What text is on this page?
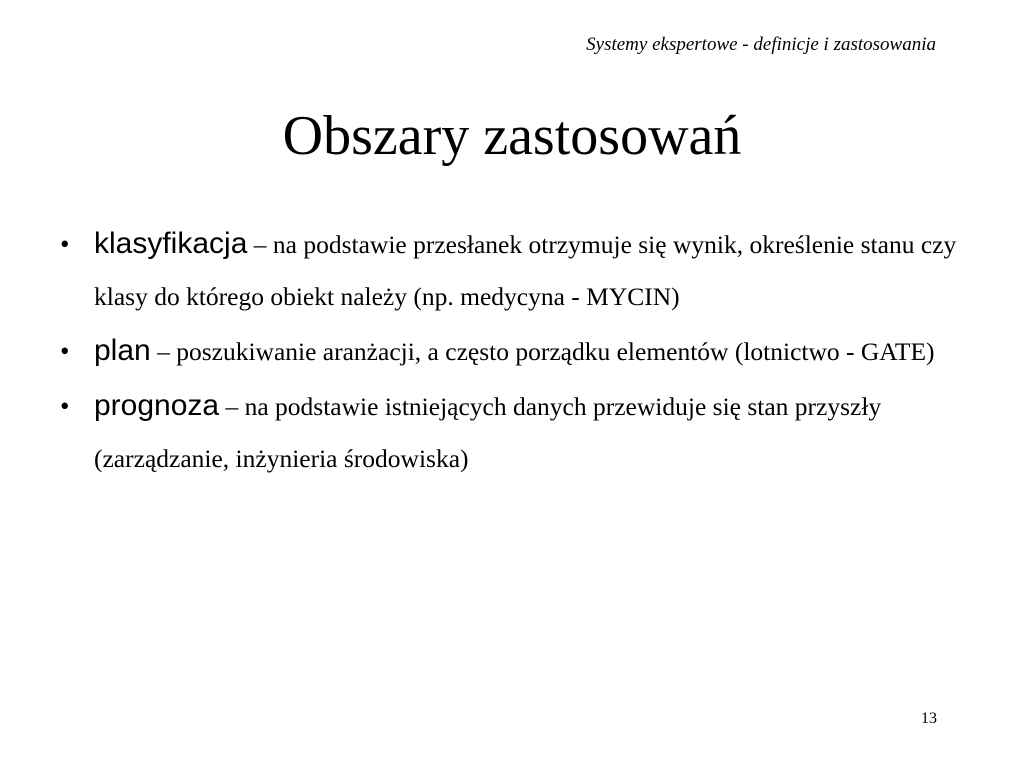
Systemy ekspertowe - definicje i zastosowania
Obszary zastosowań
• klasyfikacja – na podstawie przesłanek otrzymuje się wynik, określenie stanu czy klasy do którego obiekt należy (np. medycyna - MYCIN)
• plan – poszukiwanie aranżacji, a często porządku elementów (lotnictwo - GATE)
• prognoza – na podstawie istniejących danych przewiduje się stan przyszły (zarządzanie, inżynieria środowiska)
13
